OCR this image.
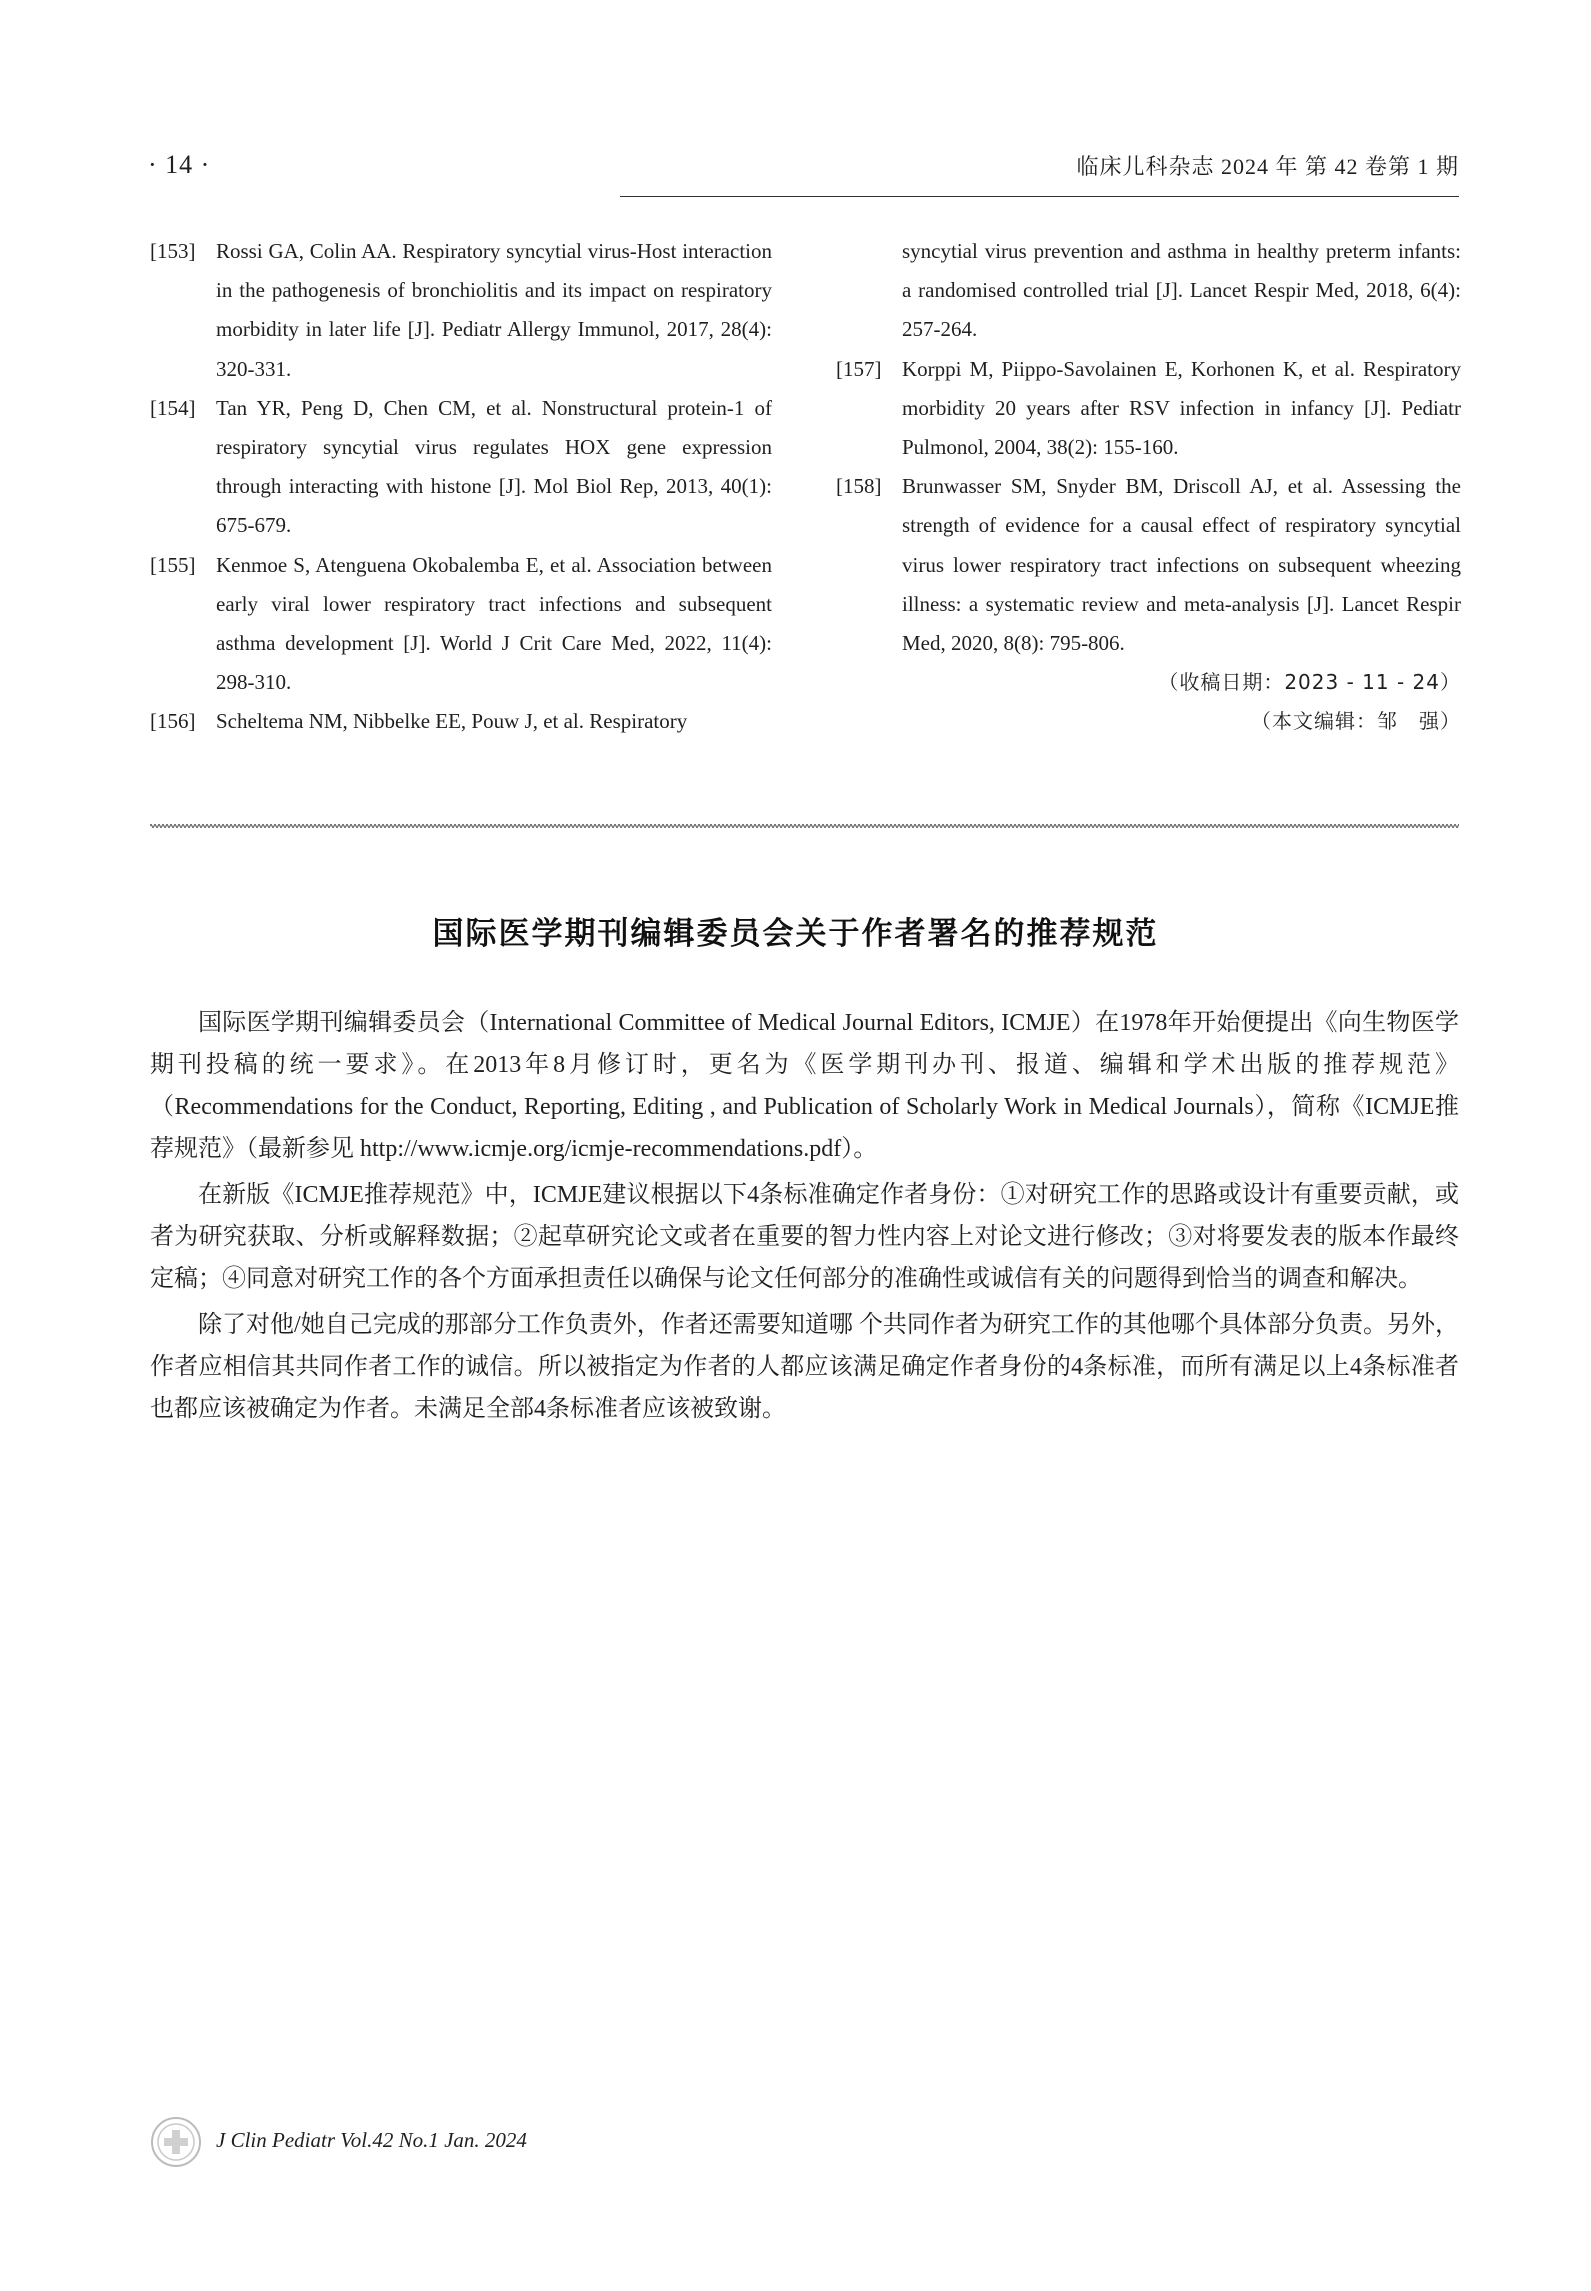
· 14 ·	临床儿科杂志 2024 年 第 42 卷第 1 期
[153] Rossi GA, Colin AA. Respiratory syncytial virus-Host interaction in the pathogenesis of bronchiolitis and its impact on respiratory morbidity in later life [J]. Pediatr Allergy Immunol, 2017, 28(4): 320-331.
[154] Tan YR, Peng D, Chen CM, et al. Nonstructural protein-1 of respiratory syncytial virus regulates HOX gene expression through interacting with histone [J]. Mol Biol Rep, 2013, 40(1): 675-679.
[155] Kenmoe S, Atenguena Okobalemba E, et al. Association between early viral lower respiratory tract infections and subsequent asthma development [J]. World J Crit Care Med, 2022, 11(4): 298-310.
[156] Scheltema NM, Nibbelke EE, Pouw J, et al. Respiratory
syncytial virus prevention and asthma in healthy preterm infants: a randomised controlled trial [J]. Lancet Respir Med, 2018, 6(4): 257-264.
[157] Korppi M, Piippo-Savolainen E, Korhonen K, et al. Respiratory morbidity 20 years after RSV infection in infancy [J]. Pediatr Pulmonol, 2004, 38(2): 155-160.
[158] Brunwasser SM, Snyder BM, Driscoll AJ, et al. Assessing the strength of evidence for a causal effect of respiratory syncytial virus lower respiratory tract infections on subsequent wheezing illness: a systematic review and meta-analysis [J]. Lancet Respir Med, 2020, 8(8): 795-806.
（收稿日期：2023 - 11 - 24）
（本文编辑：邹　强）
国际医学期刊编辑委员会关于作者署名的推荐规范

国际医学期刊编辑委员会（International Committee of Medical Journal Editors, ICMJE）在1978年开始便提出《向生物医学期刊投稿的统一要求》。在2013年8月修订时，更名为《医学期刊办刊、报道、编辑和学术出版的推荐规范》（Recommendations for the Conduct, Reporting, Editing , and Publication of Scholarly Work in Medical Journals），简称《ICMJE推荐规范》（最新参见 http://www.icmje.org/icmje-recommendations.pdf）。

在新版《ICMJE推荐规范》中，ICMJE建议根据以下4条标准确定作者身份：①对研究工作的思路或设计有重要贡献，或者为研究获取、分析或解释数据；②起草研究论文或者在重要的智力性内容上对论文进行修改；③对将要发表的版本作最终定稿；④同意对研究工作的各个方面承担责任以确保与论文任何部分的准确性或诚信有关的问题得到恰当的调查和解决。

除了对他/她自己完成的那部分工作负责外，作者还需要知道哪 个共同作者为研究工作的其他哪个具体部分负责。另外，作者应相信其共同作者工作的诚信。所以被指定为作者的人都应该满足确定作者身份的4条标准，而所有满足以上4条标准者也都应该被确定为作者。未满足全部4条标准者应该被致谢。

J Clin Pediatr Vol.42 No.1 Jan. 2024
